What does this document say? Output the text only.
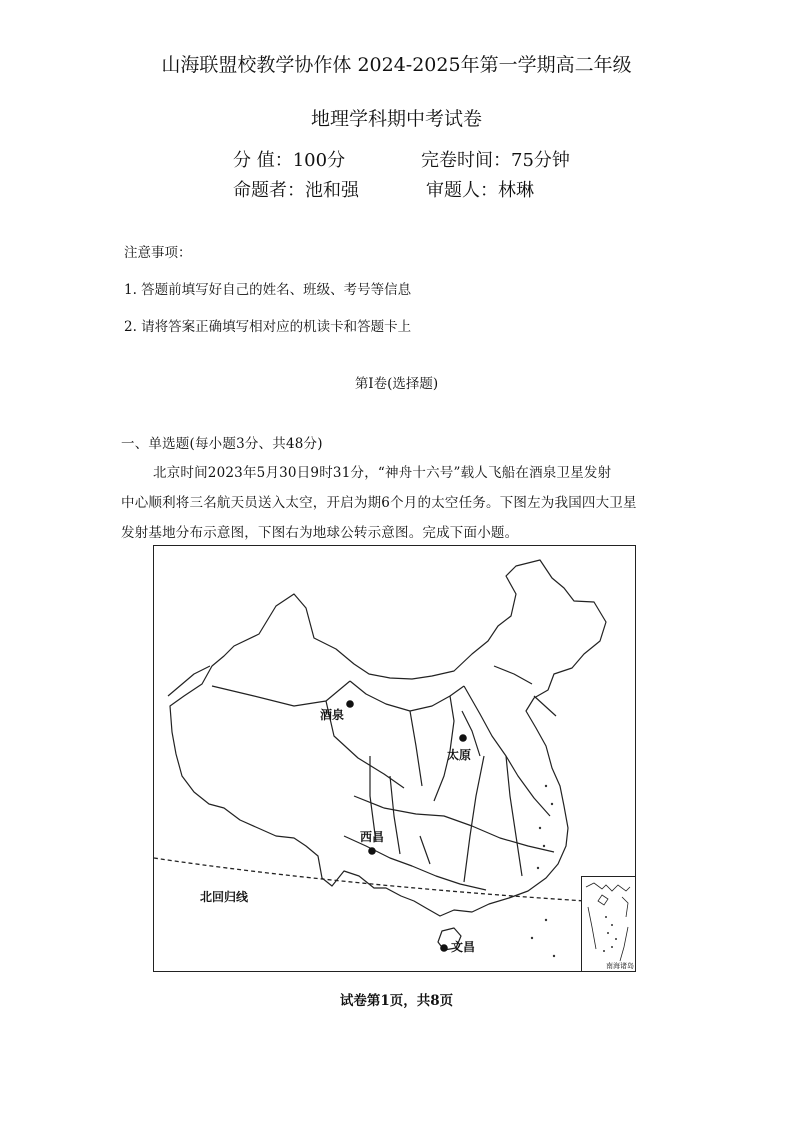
山海联盟校教学协作体 2024-2025年第一学期高二年级
地理学科期中考试卷
分 值：100分	完卷时间：75分钟
命题者：池和强	审题人：林琳
注意事项：
1. 答题前填写好自己的姓名、班级、考号等信息
2. 请将答案正确填写相对应的机读卡和答题卡上
第Ⅰ卷(选择题)
一、单选题(每小题3分、共48分)
北京时间2023年5月30日9时31分，“神舟十六号”载人飞船在酒泉卫星发射
中心顺利将三名航天员送入太空，开启为期6个月的太空任务。下图左为我国四大卫星
发射基地分布示意图，下图右为地球公转示意图。完成下面小题。
酒泉
太原
西昌
文昌
北回归线
南海诸岛
试卷第1页，共8页
